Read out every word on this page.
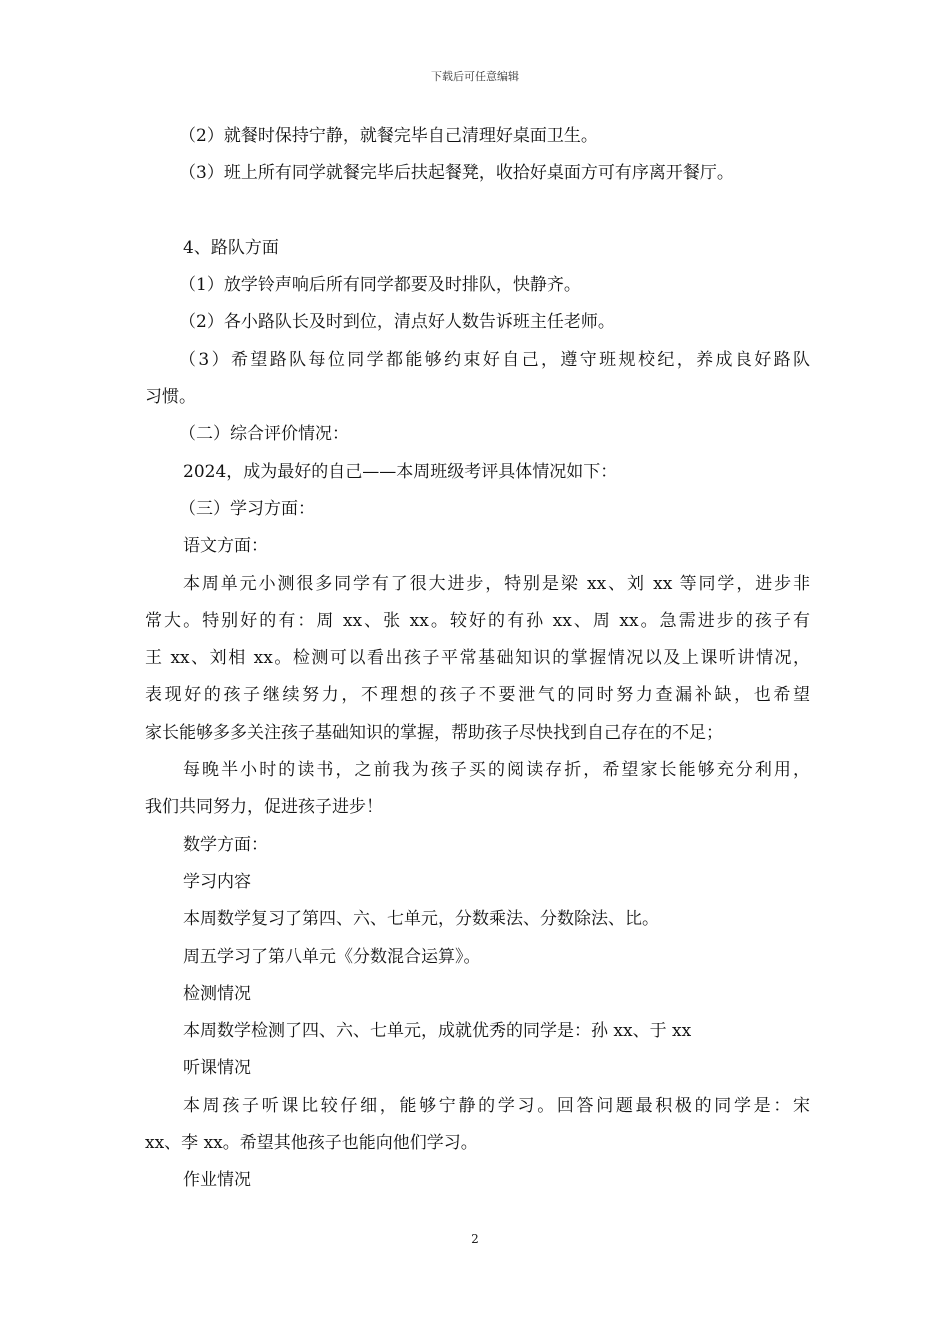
下载后可任意编辑
（2）就餐时保持宁静，就餐完毕自己清理好桌面卫生。
（3）班上所有同学就餐完毕后扶起餐凳，收拾好桌面方可有序离开餐厅。
4、路队方面
（1）放学铃声响后所有同学都要及时排队，快静齐。
（2）各小路队长及时到位，清点好人数告诉班主任老师。
（3）希望路队每位同学都能够约束好自己，遵守班规校纪，养成良好路队
习惯。
（二）综合评价情况：
2024，成为最好的自己——本周班级考评具体情况如下：
（三）学习方面：
语文方面：
本周单元小测很多同学有了很大进步，特别是梁 xx、刘 xx 等同学，进步非
常大。特别好的有：周 xx、张 xx。较好的有孙 xx、周 xx。急需进步的孩子有
王 xx、刘相 xx。检测可以看出孩子平常基础知识的掌握情况以及上课听讲情况，
表现好的孩子继续努力，不理想的孩子不要泄气的同时努力查漏补缺，也希望
家长能够多多关注孩子基础知识的掌握，帮助孩子尽快找到自己存在的不足；
每晚半小时的读书，之前我为孩子买的阅读存折，希望家长能够充分利用，
我们共同努力，促进孩子进步！
数学方面：
学习内容
本周数学复习了第四、六、七单元，分数乘法、分数除法、比。
周五学习了第八单元《分数混合运算》。
检测情况
本周数学检测了四、六、七单元，成就优秀的同学是：孙 xx、于 xx
听课情况
本周孩子听课比较仔细，能够宁静的学习。回答问题最积极的同学是：宋
xx、李 xx。希望其他孩子也能向他们学习。
作业情况
2
